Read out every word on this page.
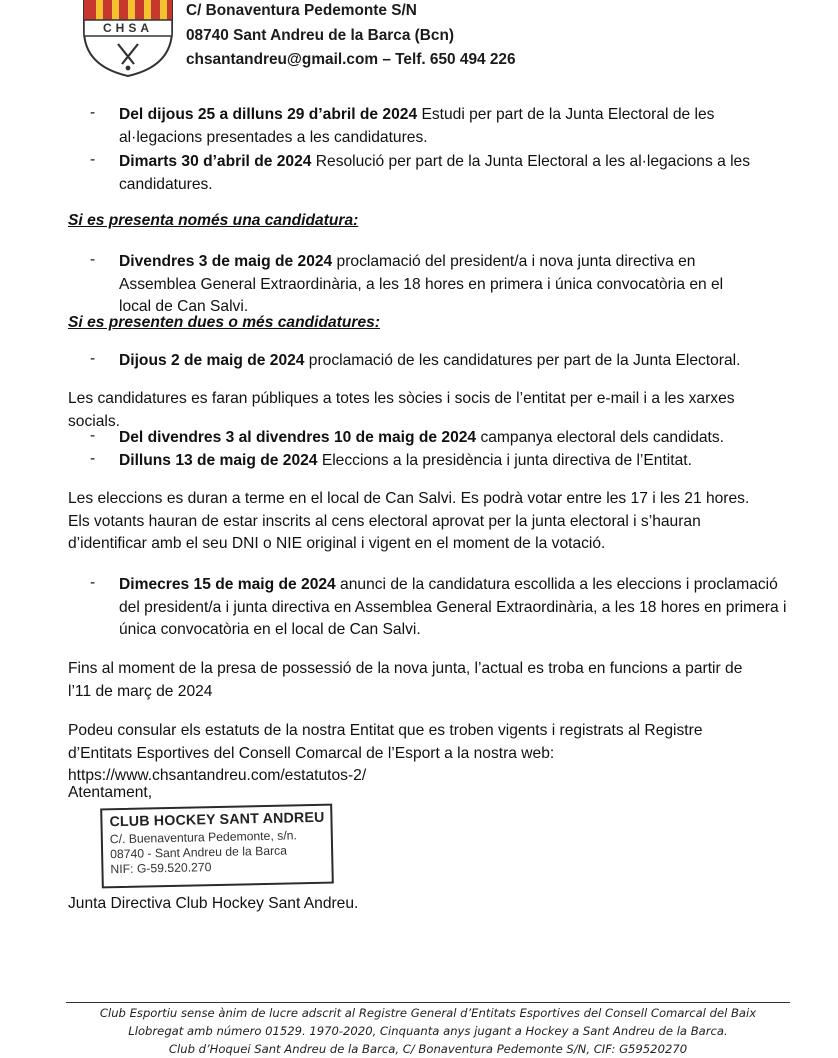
CHSA
C/ Bonaventura Pedemonte S/N
08740 Sant Andreu de la Barca (Bcn)
chsantandreu@gmail.com – Telf. 650 494 226
- Del dijous 25 a dilluns 29 d’abril de 2024 Estudi per part de la Junta Electoral de les al·legacions presentades a les candidatures.
- Dimarts 30 d’abril de 2024 Resolució per part de la Junta Electoral a les al·legacions a les candidatures.
Si es presenta només una candidatura:
- Divendres 3 de maig de 2024 proclamació del president/a i nova junta directiva en Assemblea General Extraordinària, a les 18 hores en primera i única convocatòria en el local de Can Salvi.
Si es presenten dues o més candidatures:
- Dijous 2 de maig de 2024 proclamació de les candidatures per part de la Junta Electoral.
Les candidatures es faran públiques a totes les sòcies i socis de l’entitat per e-mail i a les xarxes socials.
- Del divendres 3 al divendres 10 de maig de 2024 campanya electoral dels candidats.
- Dilluns 13 de maig de 2024 Eleccions a la presidència i junta directiva de l’Entitat.
Les eleccions es duran a terme en el local de Can Salvi. Es podrà votar entre les 17 i les 21 hores. Els votants hauran de estar inscrits al cens electoral aprovat per la junta electoral i s’hauran d’identificar amb el seu DNI o NIE original i vigent en el moment de la votació.
- Dimecres 15 de maig de 2024 anunci de la candidatura escollida a les eleccions i proclamació del president/a i junta directiva en Assemblea General Extraordinària, a les 18 hores en primera i única convocatòria en el local de Can Salvi.
Fins al moment de la presa de possessió de la nova junta, l’actual es troba en funcions a partir de l’11 de març de 2024
Podeu consular els estatuts de la nostra Entitat que es troben vigents i registrats al Registre d’Entitats Esportives del Consell Comarcal de l’Esport a la nostra web: https://www.chsantandreu.com/estatutos-2/
Atentament,
CLUB HOCKEY SANT ANDREU
C/. Buenaventura Pedemonte, s/n.
08740 - Sant Andreu de la Barca
NIF: G-59.520.270
Junta Directiva Club Hockey Sant Andreu.
Club Esportiu sense ànim de lucre adscrit al Registre General d’Entitats Esportives del Consell Comarcal del Baix
Llobregat amb número 01529. 1970-2020, Cinquanta anys jugant a Hockey a Sant Andreu de la Barca.
Club d’Hoquei Sant Andreu de la Barca, C/ Bonaventura Pedemonte S/N, CIF: G59520270
